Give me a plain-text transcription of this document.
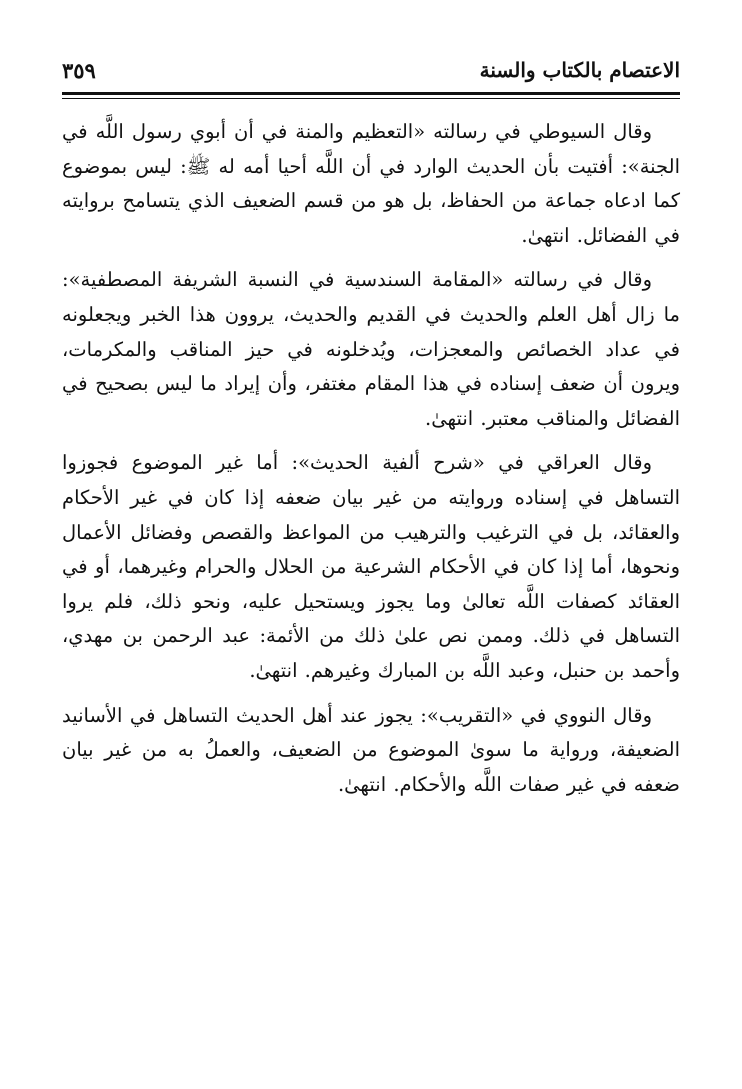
الاعتصام بالكتاب والسنة
٣٥٩

وقال السيوطي في رسالته «التعظيم والمنة في أن أبوي رسول اللَّه في الجنة»: أفتيت بأن الحديث الوارد في أن اللَّه أحيا أمه له ﷺ: ليس بموضوع كما ادعاه جماعة من الحفاظ، بل هو من قسم الضعيف الذي يتسامح بروايته في الفضائل. انتهىٰ.

وقال في رسالته «المقامة السندسية في النسبة الشريفة المصطفية»: ما زال أهل العلم والحديث في القديم والحديث، يروون هذا الخبر ويجعلونه في عداد الخصائص والمعجزات، ويُدخلونه في حيز المناقب والمكرمات، ويرون أن ضعف إسناده في هذا المقام مغتفر، وأن إيراد ما ليس بصحيح في الفضائل والمناقب معتبر. انتهىٰ.

وقال العراقي في «شرح ألفية الحديث»: أما غير الموضوع فجوزوا التساهل في إسناده وروايته من غير بيان ضعفه إذا كان في غير الأحكام والعقائد، بل في الترغيب والترهيب من المواعظ والقصص وفضائل الأعمال ونحوها، أما إذا كان في الأحكام الشرعية من الحلال والحرام وغيرهما، أو في العقائد كصفات اللَّه تعالىٰ وما يجوز ويستحيل عليه، ونحو ذلك، فلم يروا التساهل في ذلك. وممن نص علىٰ ذلك من الأئمة: عبد الرحمن بن مهدي، وأحمد بن حنبل، وعبد اللَّه بن المبارك وغيرهم. انتهىٰ.

وقال النووي في «التقريب»: يجوز عند أهل الحديث التساهل في الأسانيد الضعيفة، ورواية ما سوىٰ الموضوع من الضعيف، والعملُ به من غير بيان ضعفه في غير صفات اللَّه والأحكام. انتهىٰ.
